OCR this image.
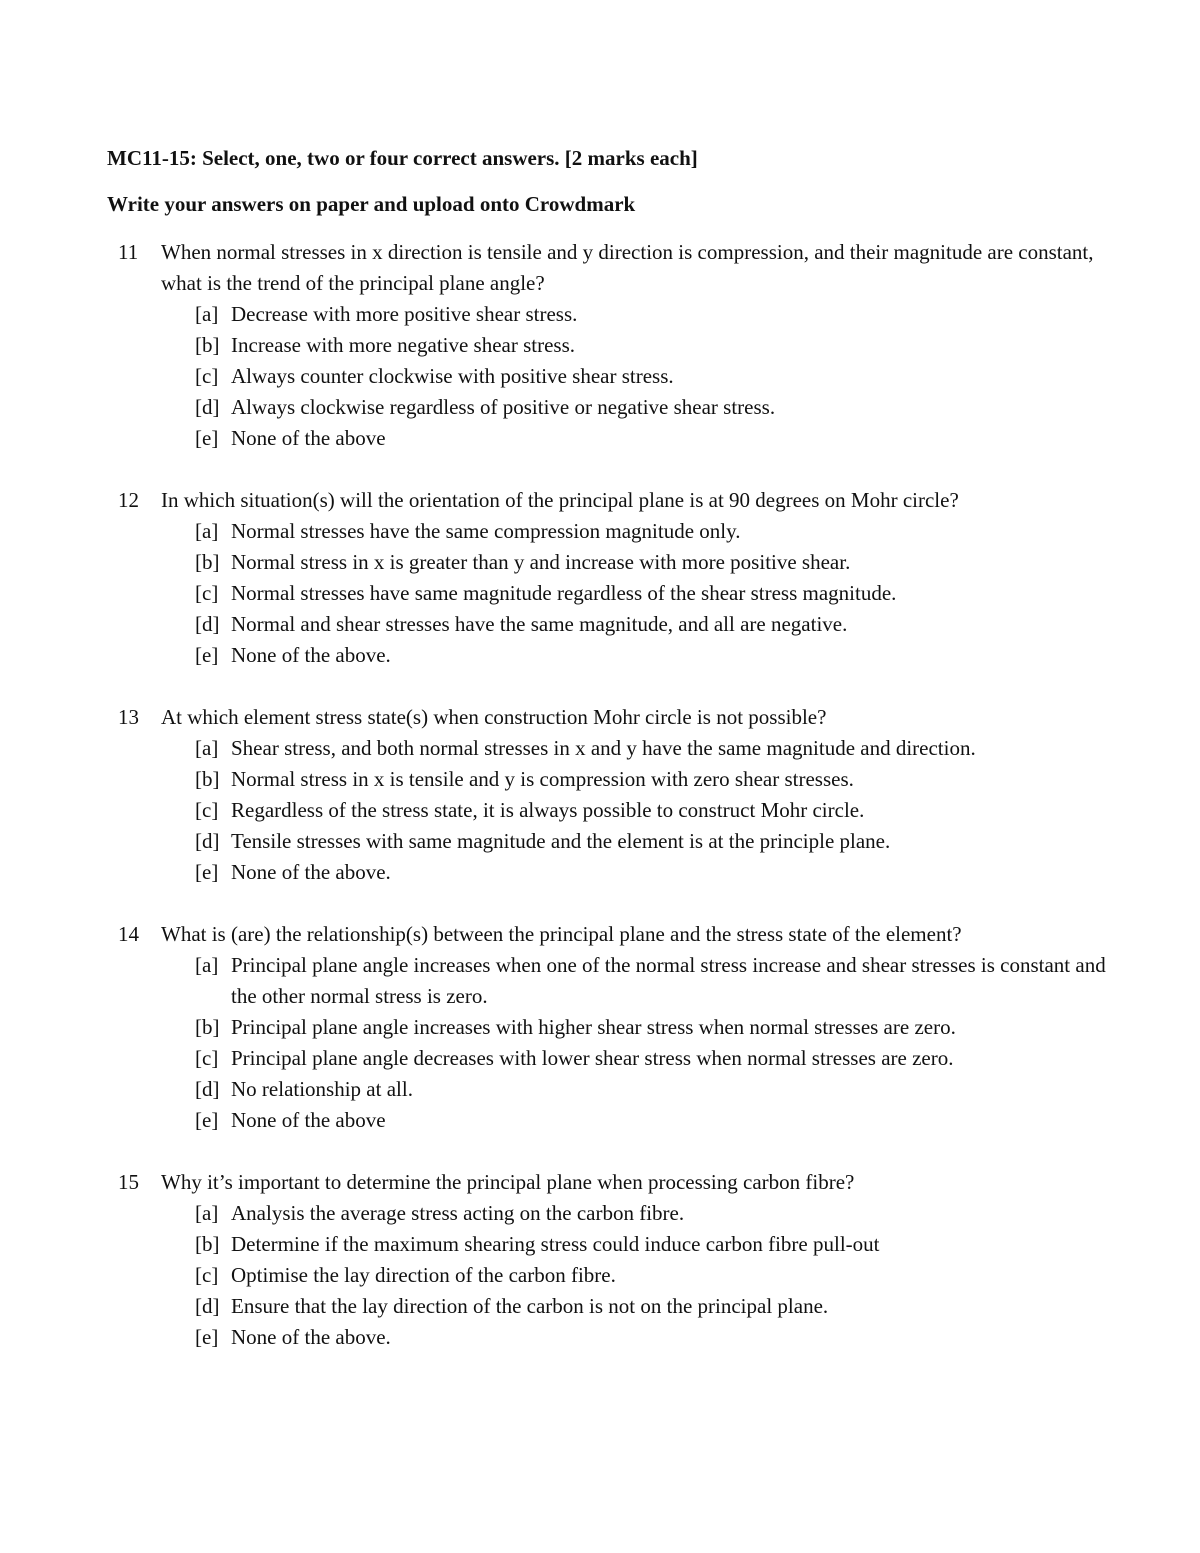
MC11-15: Select, one, two or four correct answers. [2 marks each]
Write your answers on paper and upload onto Crowdmark
11	When normal stresses in x direction is tensile and y direction is compression, and their magnitude are constant, what is the trend of the principal plane angle?
[a] Decrease with more positive shear stress.
[b] Increase with more negative shear stress.
[c] Always counter clockwise with positive shear stress.
[d] Always clockwise regardless of positive or negative shear stress.
[e] None of the above
12	In which situation(s) will the orientation of the principal plane is at 90 degrees on Mohr circle?
[a] Normal stresses have the same compression magnitude only.
[b] Normal stress in x is greater than y and increase with more positive shear.
[c] Normal stresses have same magnitude regardless of the shear stress magnitude.
[d] Normal and shear stresses have the same magnitude, and all are negative.
[e] None of the above.
13	At which element stress state(s) when construction Mohr circle is not possible?
[a] Shear stress, and both normal stresses in x and y have the same magnitude and direction.
[b] Normal stress in x is tensile and y is compression with zero shear stresses.
[c] Regardless of the stress state, it is always possible to construct Mohr circle.
[d] Tensile stresses with same magnitude and the element is at the principle plane.
[e] None of the above.
14	What is (are) the relationship(s) between the principal plane and the stress state of the element?
[a] Principal plane angle increases when one of the normal stress increase and shear stresses is constant and the other normal stress is zero.
[b] Principal plane angle increases with higher shear stress when normal stresses are zero.
[c] Principal plane angle decreases with lower shear stress when normal stresses are zero.
[d] No relationship at all.
[e] None of the above
15	Why it’s important to determine the principal plane when processing carbon fibre?
[a] Analysis the average stress acting on the carbon fibre.
[b] Determine if the maximum shearing stress could induce carbon fibre pull-out
[c] Optimise the lay direction of the carbon fibre.
[d] Ensure that the lay direction of the carbon is not on the principal plane.
[e] None of the above.
